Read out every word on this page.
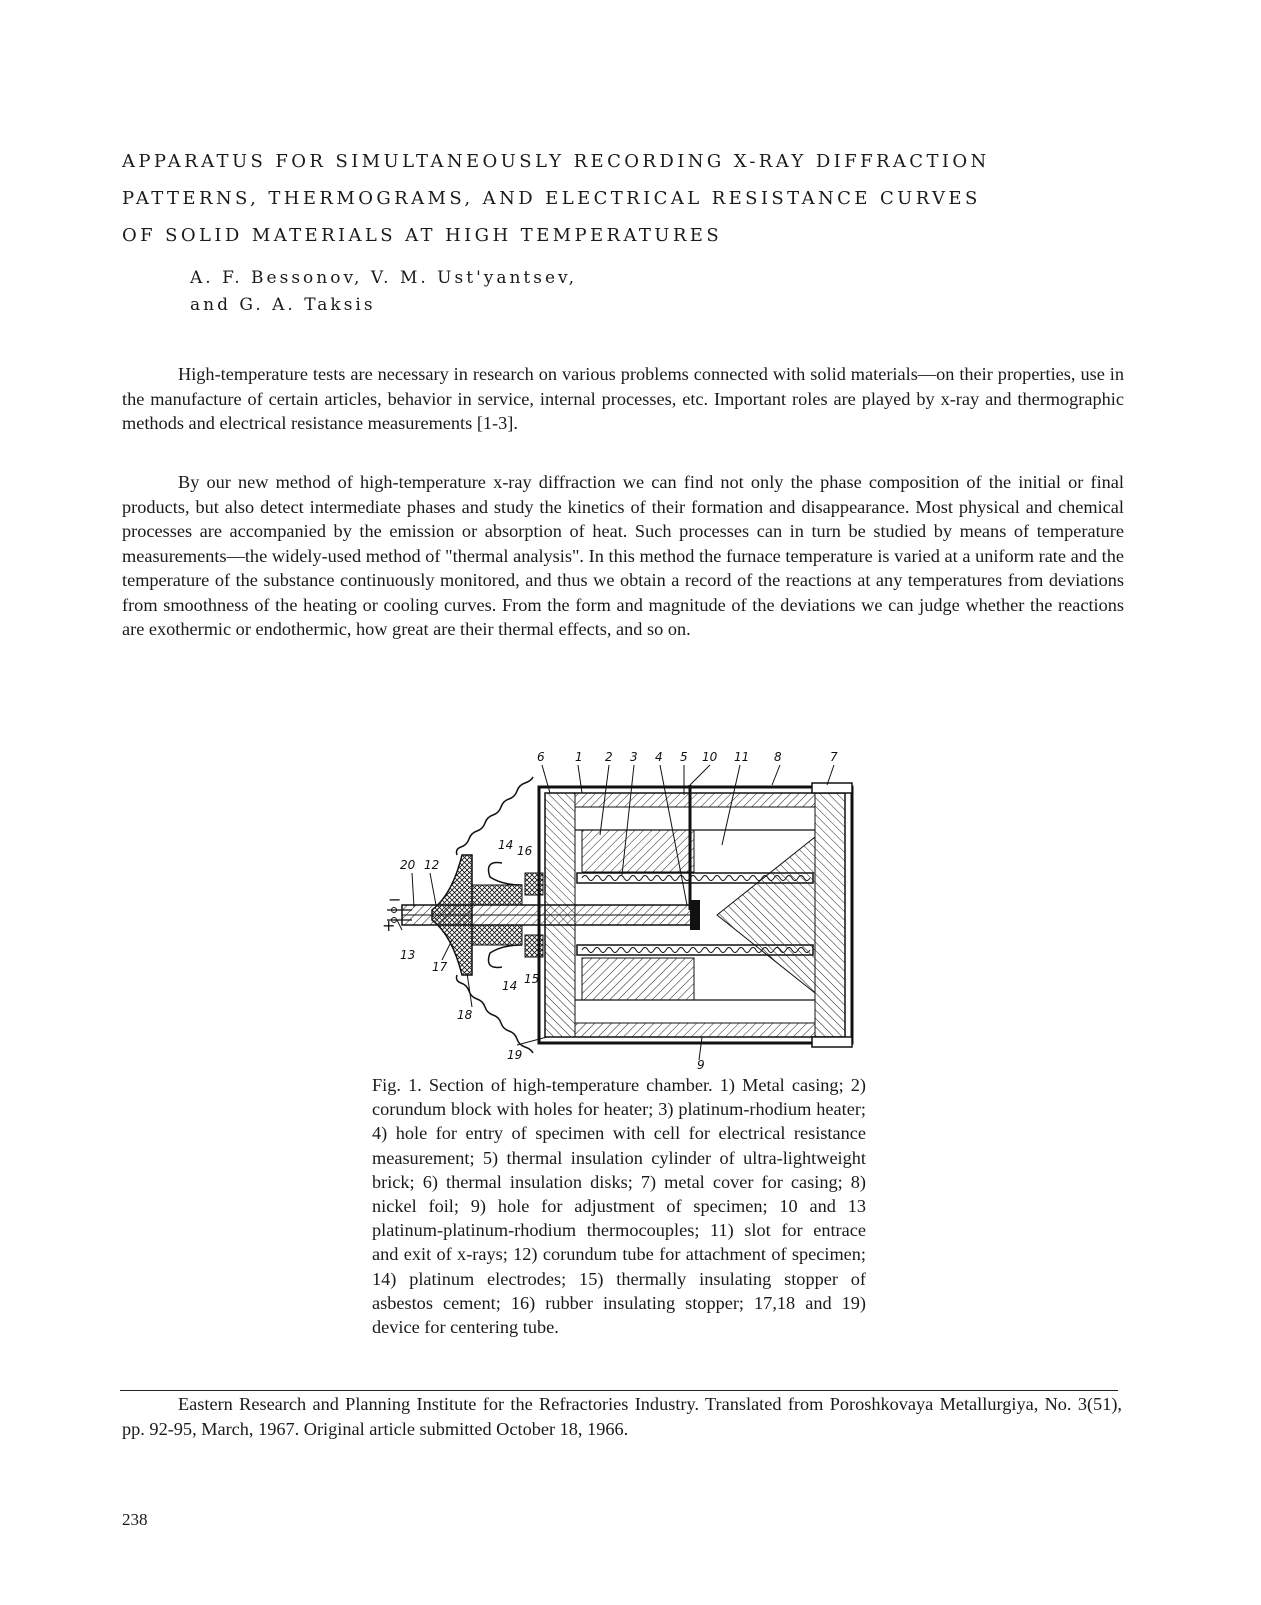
APPARATUS FOR SIMULTANEOUSLY RECORDING X-RAY DIFFRACTION
PATTERNS, THERMOGRAMS, AND ELECTRICAL RESISTANCE CURVES
OF SOLID MATERIALS AT HIGH TEMPERATURES
A. F. Bessonov, V. M. Ust'yantsev,
and G. A. Taksis

High-temperature tests are necessary in research on various problems connected with solid materials—on their properties, use in the manufacture of certain articles, behavior in service, internal processes, etc. Important roles are played by x-ray and thermographic methods and electrical resistance measurements [1-3].

By our new method of high-temperature x-ray diffraction we can find not only the phase composition of the initial or final products, but also detect intermediate phases and study the kinetics of their formation and disappearance. Most physical and chemical processes are accompanied by the emission or absorption of heat. Such processes can in turn be studied by means of temperature measurements—the widely-used method of "thermal analysis". In this method the furnace temperature is varied at a uniform rate and the temperature of the substance continuously monitored, and thus we obtain a record of the reactions at any temperatures from deviations from smoothness of the heating or cooling curves. From the form and magnitude of the deviations we can judge whether the reactions are exothermic or endothermic, how great are their thermal effects, and so on.

6	1 2 3 4 5 10 11 8	7
14 16
20 12
−
+
13
17
14 15
18
19
9

Fig. 1. Section of high-temperature chamber. 1) Metal casing; 2) corundum block with holes for heater; 3) platinum-rhodium heater; 4) hole for entry of specimen with cell for electrical resistance measurement; 5) thermal insulation cylinder of ultra-lightweight brick; 6) thermal insulation disks; 7) metal cover for casing; 8) nickel foil; 9) hole for adjustment of specimen; 10 and 13 platinum-platinum-rhodium thermocouples; 11) slot for entrace and exit of x-rays; 12) corundum tube for attachment of specimen; 14) platinum electrodes; 15) thermally insulating stopper of asbestos cement; 16) rubber insulating stopper; 17,18 and 19) device for centering tube.

Eastern Research and Planning Institute for the Refractories Industry. Translated from Poroshkovaya Metallurgiya, No. 3(51), pp. 92-95, March, 1967. Original article submitted October 18, 1966.

238
